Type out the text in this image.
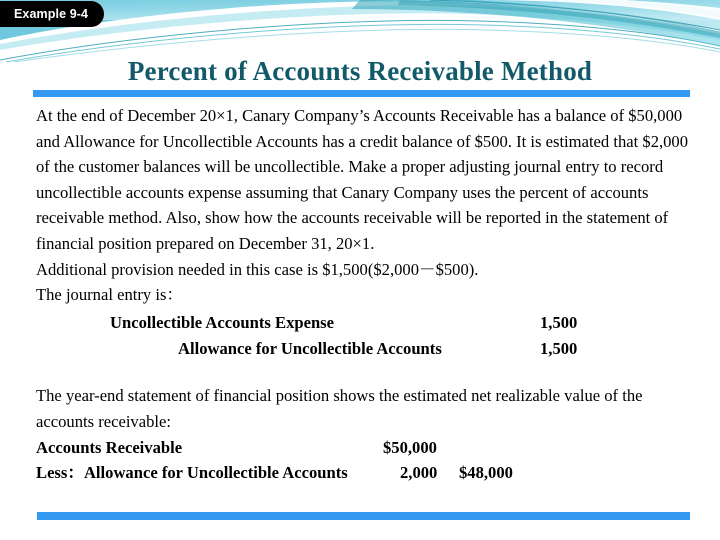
Example 9-4
Percent of Accounts Receivable Method

At the end of December 20×1, Canary Company’s Accounts Receivable has a balance of $50,000 and Allowance for Uncollectible Accounts has a credit balance of $500. It is estimated that $2,000 of the customer balances will be uncollectible. Make a proper adjusting journal entry to record uncollectible accounts expense assuming that Canary Company uses the percent of accounts receivable method. Also, show how the accounts receivable will be reported in the statement of financial position prepared on December 31, 20×1.

Additional provision needed in this case is $1,500($2,000－$500).

The journal entry is：

Uncollectible Accounts Expense	1,500
Allowance for Uncollectible Accounts	1,500

The year-end statement of financial position shows the estimated net realizable value of the accounts receivable:

Accounts Receivable	$50,000
Less：Allowance for Uncollectible Accounts	2,000 $48,000
